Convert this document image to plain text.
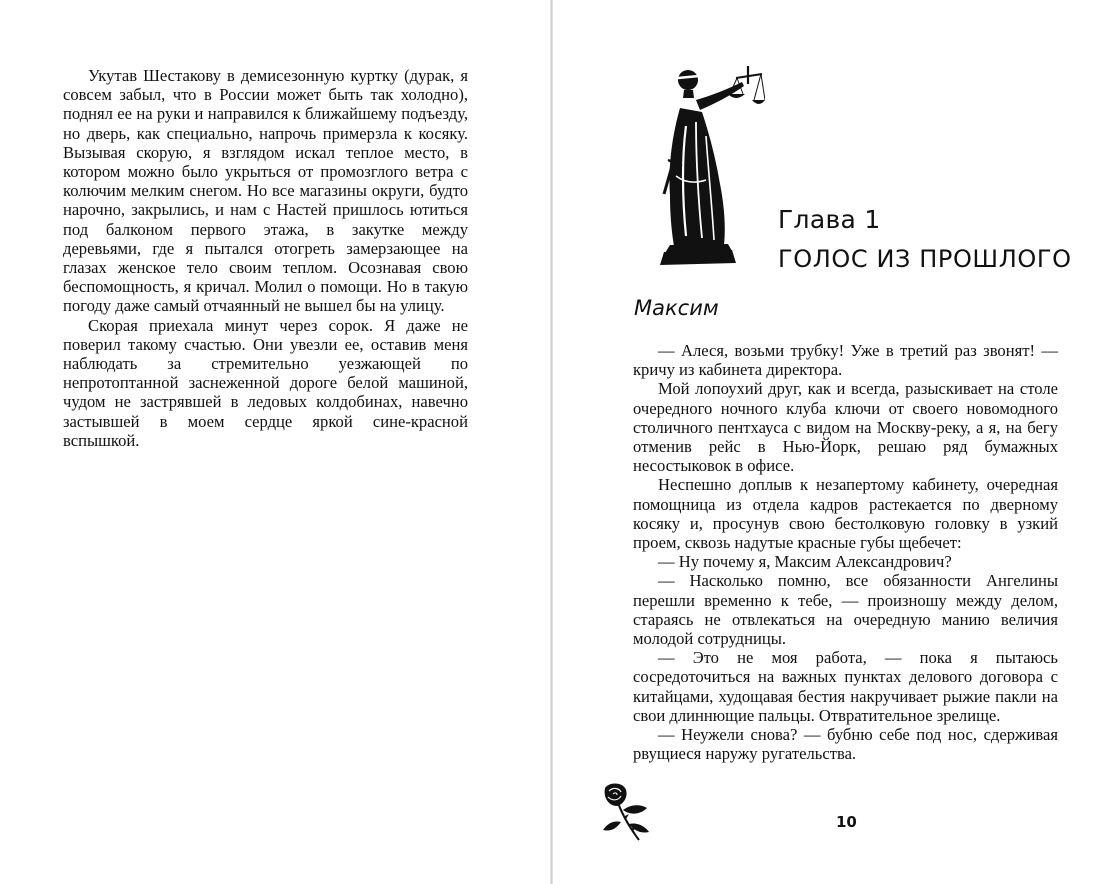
Укутав Шестакову в демисезонную куртку (дурак, я совсем забыл, что в России может быть так холодно), поднял ее на руки и направился к ближайшему подъезду, но дверь, как специально, напрочь примерзла к косяку. Вызывая скорую, я взглядом искал теплое место, в котором можно было укрыться от промозглого ветра с колючим мелким снегом. Но все магазины округи, будто нарочно, закрылись, и нам с Настей пришлось ютиться под балконом первого этажа, в закутке между деревьями, где я пытался отогреть замерзающее на глазах женское тело своим теплом. Осознавая свою беспомощность, я кричал. Молил о помощи. Но в такую погоду даже самый отчаянный не вышел бы на улицу.

Скорая приехала минут через сорок. Я даже не поверил такому счастью. Они увезли ее, оставив меня наблюдать за стремительно уезжающей по непротоптанной заснеженной дороге белой машиной, чудом не застрявшей в ледовых колдобинах, навечно застывшей в моем сердце яркой сине-красной вспышкой.

Глава 1
ГОЛОС ИЗ ПРОШЛОГО
Максим

— Алеся, возьми трубку! Уже в третий раз звонят! — кричу из кабинета директора.

Мой лопоухий друг, как и всегда, разыскивает на столе очередного ночного клуба ключи от своего новомодного столичного пентхауса с видом на Москву-реку, а я, на бегу отменив рейс в Нью-Йорк, решаю ряд бумажных несостыковок в офисе.

Неспешно доплыв к незапертому кабинету, очередная помощница из отдела кадров растекается по дверному косяку и, просунув свою бестолковую головку в узкий проем, сквозь надутые красные губы щебечет:

— Ну почему я, Максим Александрович?

— Насколько помню, все обязанности Ангелины перешли временно к тебе, — произношу между делом, стараясь не отвлекаться на очередную манию величия молодой сотрудницы.

— Это не моя работа, — пока я пытаюсь сосредоточиться на важных пунктах делового договора с китайцами, худощавая бестия накручивает рыжие пакли на свои длиннющие пальцы. Отвратительное зрелище.

— Неужели снова? — бубню себе под нос, сдерживая рвущиеся наружу ругательства.

10
